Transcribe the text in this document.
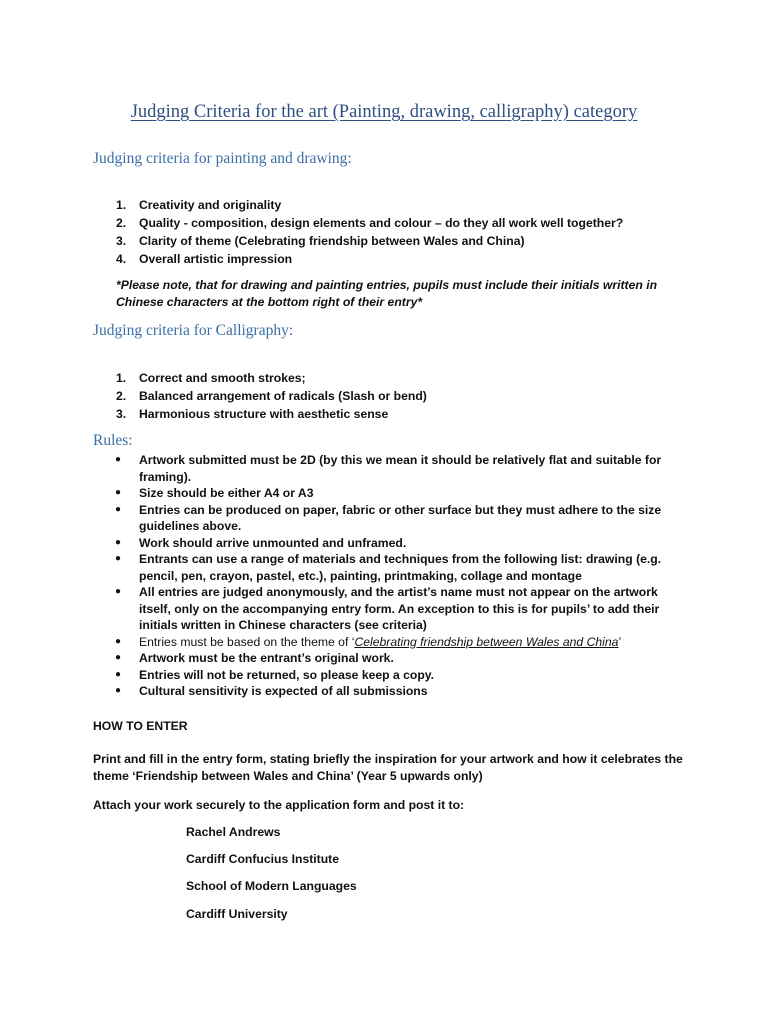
Judging Criteria for the art (Painting, drawing, calligraphy) category
Judging criteria for painting and drawing:
1. Creativity and originality
2. Quality - composition, design elements and colour – do they all work well together?
3. Clarity of theme (Celebrating friendship between Wales and China)
4. Overall artistic impression
*Please note, that for drawing and painting entries, pupils must include their initials written in Chinese characters at the bottom right of their entry*
Judging criteria for Calligraphy:
1. Correct and smooth strokes;
2. Balanced arrangement of radicals (Slash or bend)
3. Harmonious structure with aesthetic sense
Rules:
● Artwork submitted must be 2D (by this we mean it should be relatively flat and suitable for framing).
● Size should be either A4 or A3
● Entries can be produced on paper, fabric or other surface but they must adhere to the size guidelines above.
● Work should arrive unmounted and unframed.
● Entrants can use a range of materials and techniques from the following list: drawing (e.g. pencil, pen, crayon, pastel, etc.), painting, printmaking, collage and montage
● All entries are judged anonymously, and the artist’s name must not appear on the artwork itself, only on the accompanying entry form. An exception to this is for pupils’ to add their initials written in Chinese characters (see criteria)
● Entries must be based on the theme of ‘Celebrating friendship between Wales and China’
● Artwork must be the entrant’s original work.
● Entries will not be returned, so please keep a copy.
● Cultural sensitivity is expected of all submissions
HOW TO ENTER
Print and fill in the entry form, stating briefly the inspiration for your artwork and how it celebrates the theme ‘Friendship between Wales and China’ (Year 5 upwards only)
Attach your work securely to the application form and post it to:
Rachel Andrews
Cardiff Confucius Institute
School of Modern Languages
Cardiff University
